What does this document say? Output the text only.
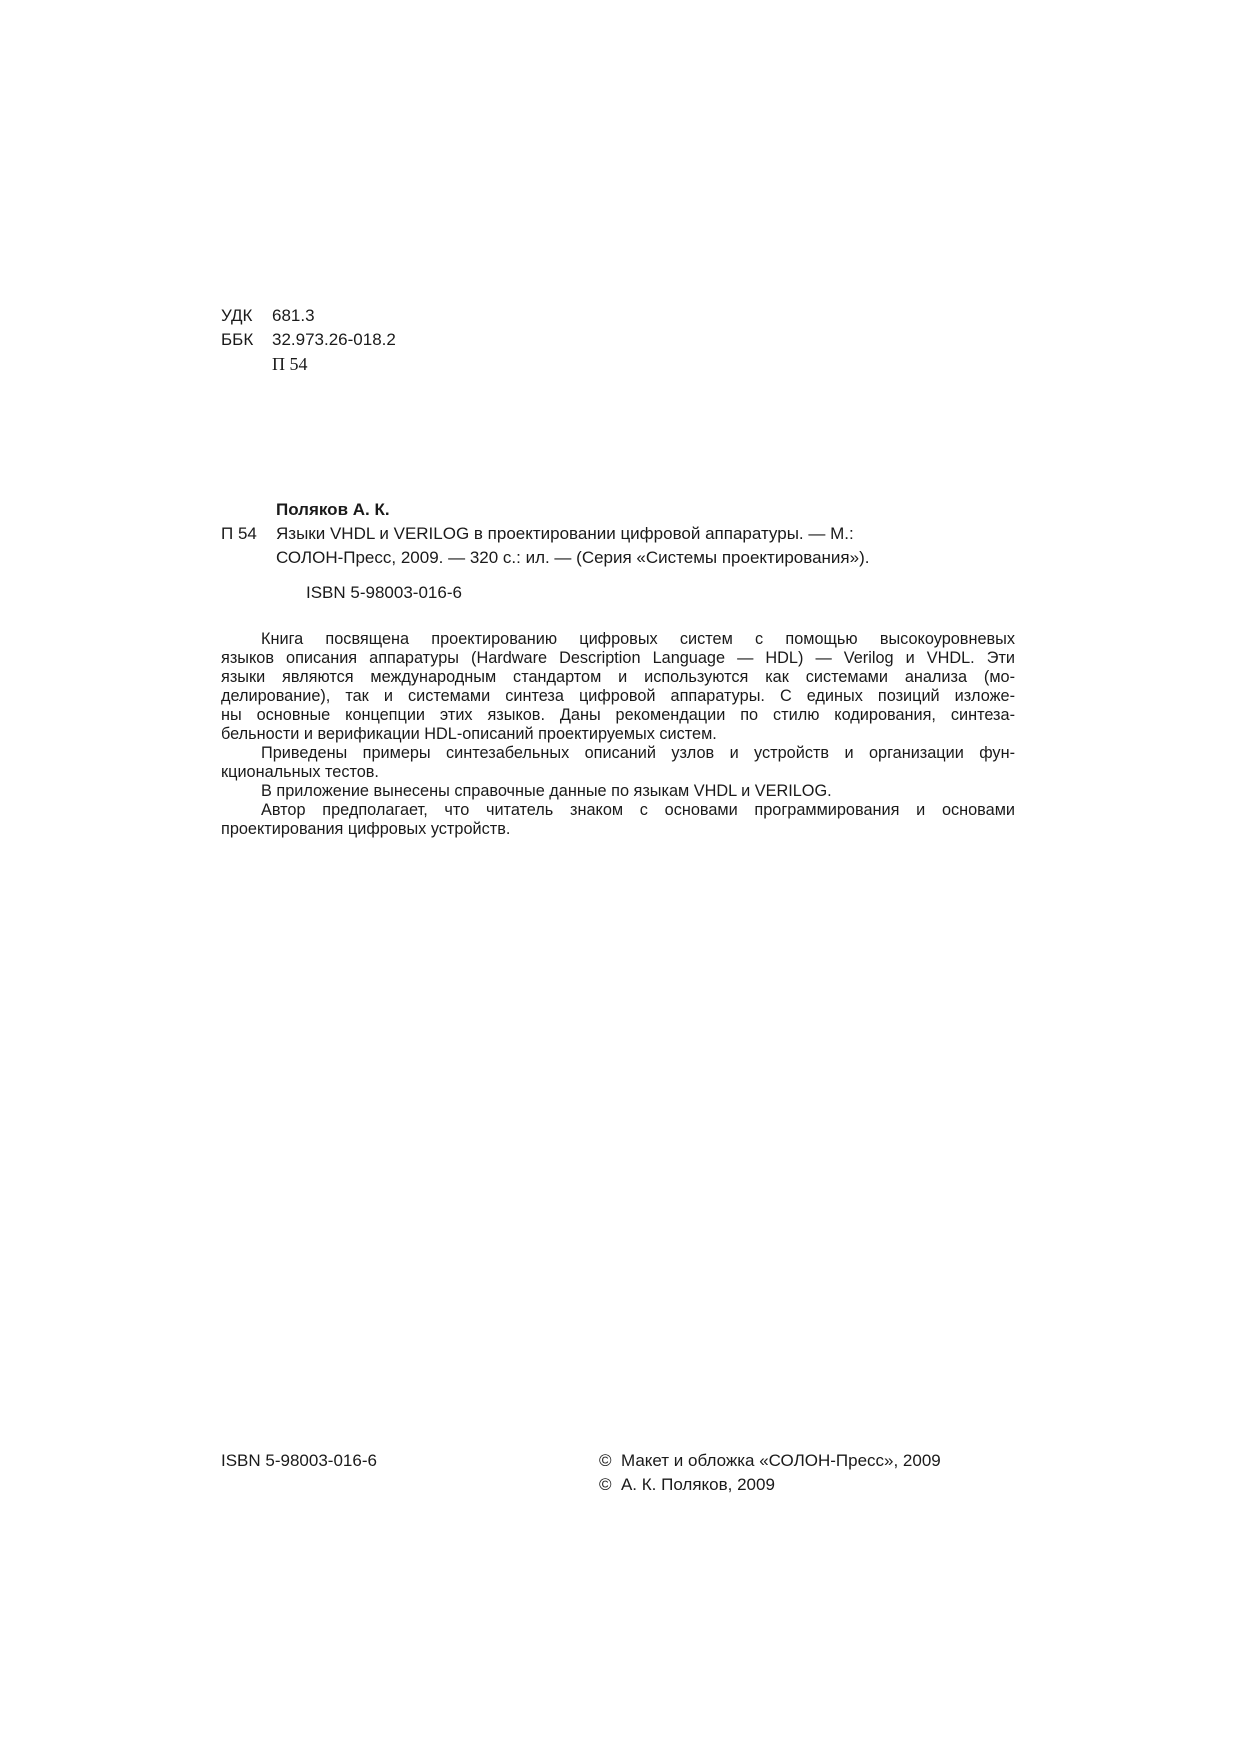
УДК 681.3
ББК 32.973.26-018.2
П 54
Поляков А. К.
П 54 Языки VHDL и VERILOG в проектировании цифровой аппаратуры. — М.:
СОЛОН-Пресс, 2009. — 320 с.: ил. — (Серия «Системы проектирования»).
ISBN 5-98003-016-6
Книга посвящена проектированию цифровых систем с помощью высокоуровневых
языков описания аппаратуры (Hardware Description Language — HDL) — Verilog и VHDL. Эти
языки являются международным стандартом и используются как системами анализа (мо-
делирование), так и системами синтеза цифровой аппаратуры. С единых позиций изложе-
ны основные концепции этих языков. Даны рекомендации по стилю кодирования, синтеза-
бельности и верификации HDL-описаний проектируемых систем.
Приведены примеры синтезабельных описаний узлов и устройств и организации фун-
кциональных тестов.
В приложение вынесены справочные данные по языкам VHDL и VERILOG.
Автор предполагает, что читатель знаком с основами программирования и основами
проектирования цифровых устройств.
ISBN 5-98003-016-6	©  Макет и обложка «СОЛОН-Пресс», 2009
©  А. К. Поляков, 2009
